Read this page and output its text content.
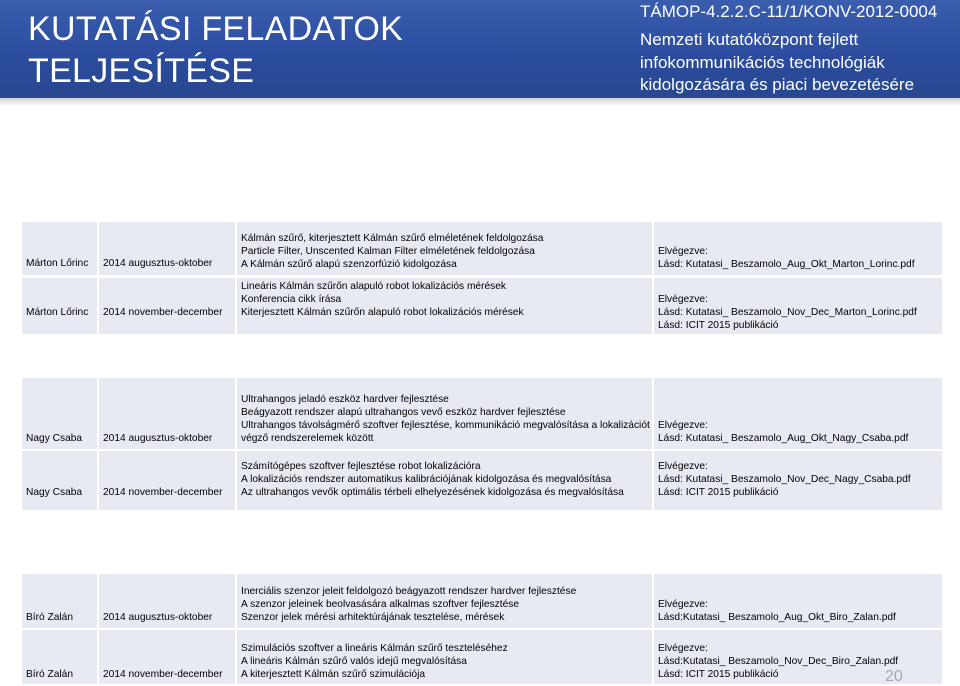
KUTATÁSI FELADATOK
TELJESÍTÉSE
TÁMOP-4.2.2.C-11/1/KONV-2012-0004
Nemzeti kutatóközpont fejlett
infokommunikációs technológiák
kidolgozására és piaci bevezetésére
Márton Lőrinc 2014 augusztus-oktober
Kálmán szűrő, kiterjesztett Kálmán szűrő elméletének feldolgozása
Particle Filter, Unscented Kalman Filter elméletének feldolgozása
A Kálmán szűrő alapú szenzorfúzió kidolgozása
Elvégezve:
Lásd: Kutatasi_ Beszamolo_Aug_Okt_Marton_Lorinc.pdf
Márton Lőrinc 2014 november-december
Lineáris Kálmán szűrőn alapuló robot lokalizációs mérések
Konferencia cikk írása
Kiterjesztett Kálmán szűrőn alapuló robot lokalizációs mérések
Elvégezve:
Lásd: Kutatasi_ Beszamolo_Nov_Dec_Marton_Lorinc.pdf
Lásd: ICIT 2015 publikáció
Nagy Csaba 2014 augusztus-oktober
Ultrahangos jeladó eszköz hardver fejlesztése
Beágyazott rendszer alapú ultrahangos vevő eszköz hardver fejlesztése
Ultrahangos távolságmérő szoftver fejlesztése, kommunikáció megvalósítása a lokalizációt
végző rendszerelemek között
Elvégezve:
Lásd: Kutatasi_ Beszamolo_Aug_Okt_Nagy_Csaba.pdf
Nagy Csaba 2014 november-december
Számítógépes szoftver fejlesztése robot lokalizációra
A lokalizációs rendszer automatikus kalibrációjának kidolgozása és megvalósítása
Az ultrahangos vevők optimális térbeli elhelyezésének kidolgozása és megvalósítása
Elvégezve:
Lásd: Kutatasi_ Beszamolo_Nov_Dec_Nagy_Csaba.pdf
Lásd: ICIT 2015 publikáció
Bíró Zalán	2014 augusztus-oktober
Inerciális szenzor jeleit feldolgozó beágyazott rendszer hardver fejlesztése
A szenzor jeleinek beolvasására alkalmas szoftver fejlesztése
Szenzor jelek mérési arhitektúrájának tesztelése, mérések
Elvégezve:
Lásd:Kutatasi_ Beszamolo_Aug_Okt_Biro_Zalan.pdf
Bíró Zalán	2014 november-december
Szimulációs szoftver a lineáris Kálmán szűrő teszteléséhez
A lineáris Kálmán szűrő valós idejű megvalósítása
A kiterjesztett Kálmán szűrő szimulációja
Elvégezve:
Lásd:Kutatasi_ Beszamolo_Nov_Dec_Biro_Zalan.pdf
Lásd: ICIT 2015 publikáció	20
